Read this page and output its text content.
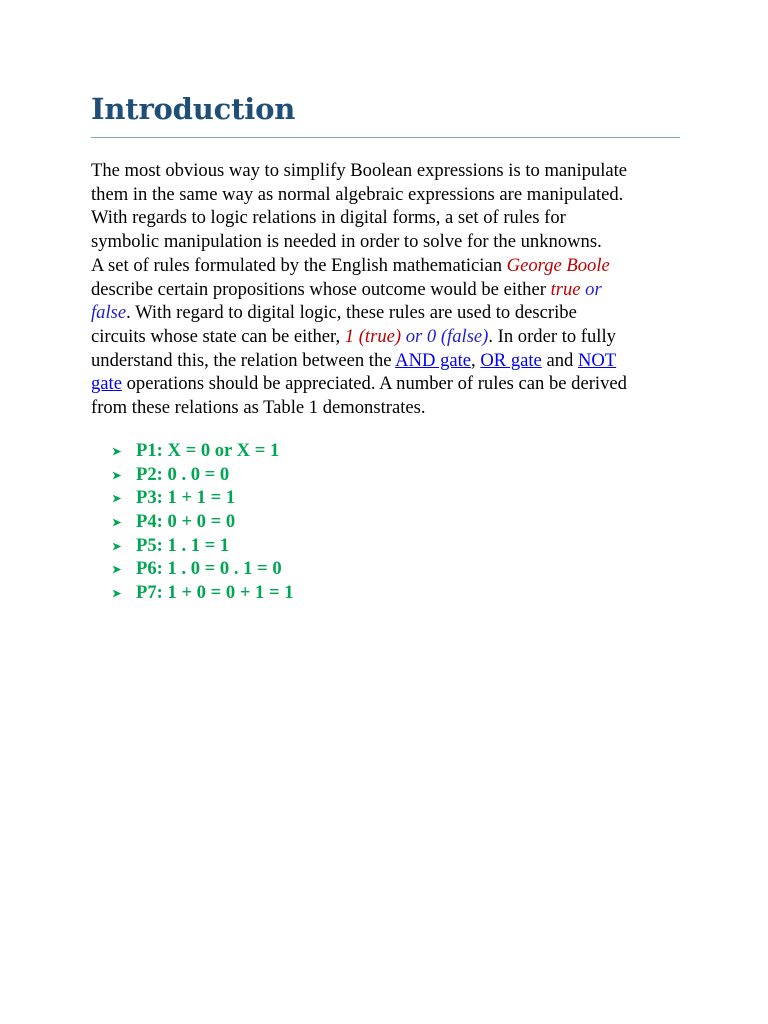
Introduction

The most obvious way to simplify Boolean expressions is to manipulate
them in the same way as normal algebraic expressions are manipulated.
With regards to logic relations in digital forms, a set of rules for
symbolic manipulation is needed in order to solve for the unknowns.
A set of rules formulated by the English mathematician George Boole
describe certain propositions whose outcome would be either true or
false. With regard to digital logic, these rules are used to describe
circuits whose state can be either, 1 (true) or 0 (false). In order to fully
understand this, the relation between the AND gate, OR gate and NOT
gate operations should be appreciated. A number of rules can be derived
from these relations as Table 1 demonstrates.

➤ P1: X = 0 or X = 1
➤ P2: 0 . 0 = 0
➤ P3: 1 + 1 = 1
➤ P4: 0 + 0 = 0
➤ P5: 1 . 1 = 1
➤ P6: 1 . 0 = 0 . 1 = 0
➤ P7: 1 + 0 = 0 + 1 = 1
